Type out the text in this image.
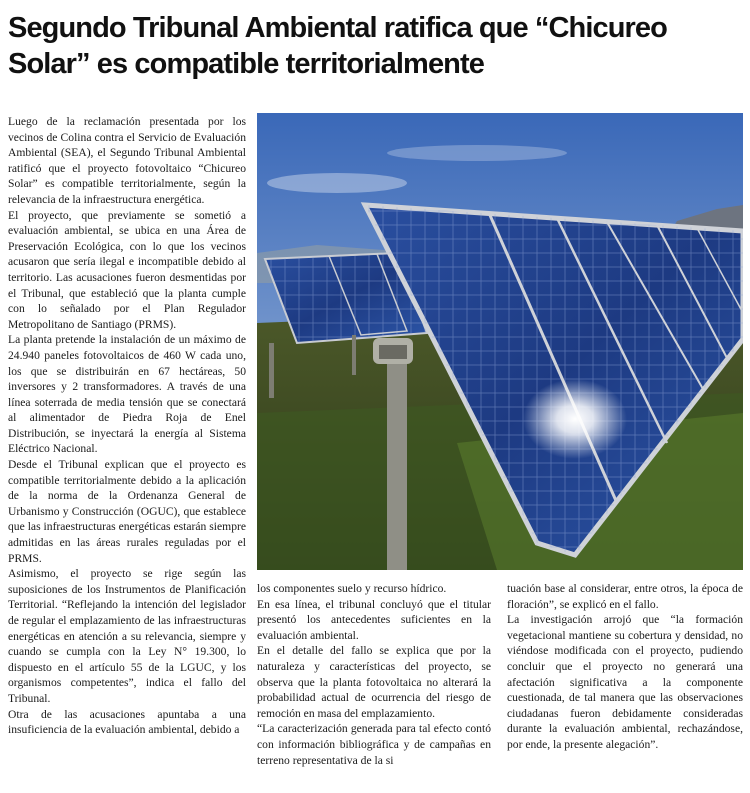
Segundo Tribunal Ambiental ratifica que “Chicureo Solar” es compatible territorialmente

Luego de la reclamación presentada por los vecinos de Colina contra el Servicio de Evaluación Ambiental (SEA), el Segundo Tribunal Ambiental ratificó que el proyecto fotovoltaico “Chicureo Solar” es compatible territorialmente, según la relevancia de la infraestructura energética.

El proyecto, que previamente se sometió a evaluación ambiental, se ubica en una Área de Preservación Ecológica, con lo que los vecinos acusaron que sería ilegal e incompatible debido al territorio. Las acusaciones fueron desmentidas por el Tribunal, que estableció que la planta cumple con lo señalado por el Plan Regulador Metropolitano de Santiago (PRMS).

La planta pretende la instalación de un máximo de 24.940 paneles fotovoltaicos de 460 W cada uno, los que se distribuirán en 67 hectáreas, 50 inversores y 2 transformadores. A través de una línea soterrada de media tensión que se conectará al alimentador de Piedra Roja de Enel Distribución, se inyectará la energía al Sistema Eléctrico Nacional.

Desde el Tribunal explican que el proyecto es compatible territorialmente debido a la aplicación de la norma de la Ordenanza General de Urbanismo y Construcción (OGUC), que establece que las infraestructuras energéticas estarán siempre admitidas en las áreas rurales reguladas por el PRMS.

Asimismo, el proyecto se rige según las suposiciones de los Instrumentos de Planificación Territorial. “Reflejando la intención del legislador de regular el emplazamiento de las infraestructuras energéticas en atención a su relevancia, siempre y cuando se cumpla con la Ley N° 19.300, lo dispuesto en el artículo 55 de la LGUC, y los organismos competentes”, indica el fallo del Tribunal.

Otra de las acusaciones apuntaba a una insuficiencia de la evaluación ambiental, debido a

los componentes suelo y recurso hídrico.

En esa línea, el tribunal concluyó que el titular presentó los antecedentes suficientes en la evaluación ambiental.

En el detalle del fallo se explica que por la naturaleza y características del proyecto, se observa que la planta fotovoltaica no alterará la probabilidad actual de ocurrencia del riesgo de remoción en masa del emplazamiento.

“La caracterización generada para tal efecto contó con información bibliográfica y de campañas en terreno representativa de la si

tuación base al considerar, entre otros, la época de floración”, se explicó en el fallo.

La investigación arrojó que “la formación vegetacional mantiene su cobertura y densidad, no viéndose modificada con el proyecto, pudiendo concluir que el proyecto no generará una afectación significativa a la componente cuestionada, de tal manera que las observaciones ciudadanas fueron debidamente consideradas durante la evaluación ambiental, rechazándose, por ende, la presente alegación”.
